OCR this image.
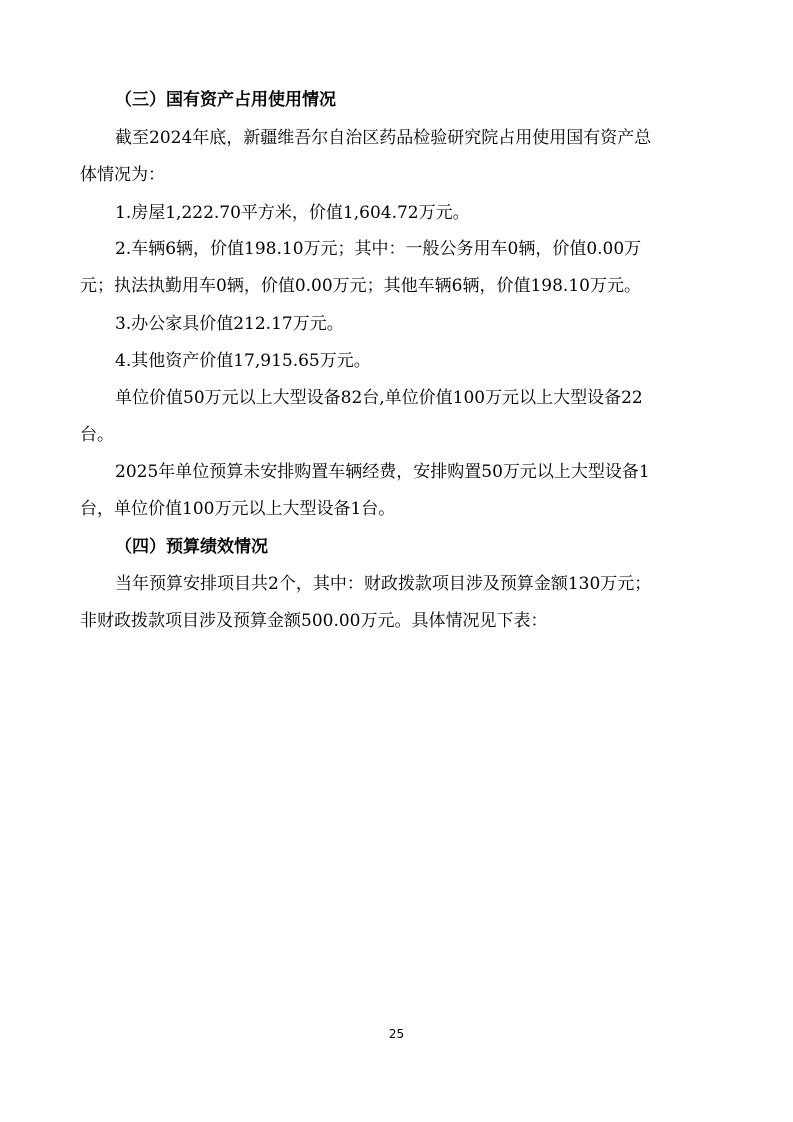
（三）国有资产占用使用情况
截至2024年底，新疆维吾尔自治区药品检验研究院占用使用国有资产总
体情况为：
1.房屋1,222.70平方米，价值1,604.72万元。
2.车辆6辆，价值198.10万元；其中：一般公务用车0辆，价值0.00万
元；执法执勤用车0辆，价值0.00万元；其他车辆6辆，价值198.10万元。
3.办公家具价值212.17万元。
4.其他资产价值17,915.65万元。
单位价值50万元以上大型设备82台,单位价值100万元以上大型设备22
台。
2025年单位预算未安排购置车辆经费，安排购置50万元以上大型设备1
台，单位价值100万元以上大型设备1台。
（四）预算绩效情况
当年预算安排项目共2个，其中：财政拨款项目涉及预算金额130万元；
非财政拨款项目涉及预算金额500.00万元。具体情况见下表：
25
